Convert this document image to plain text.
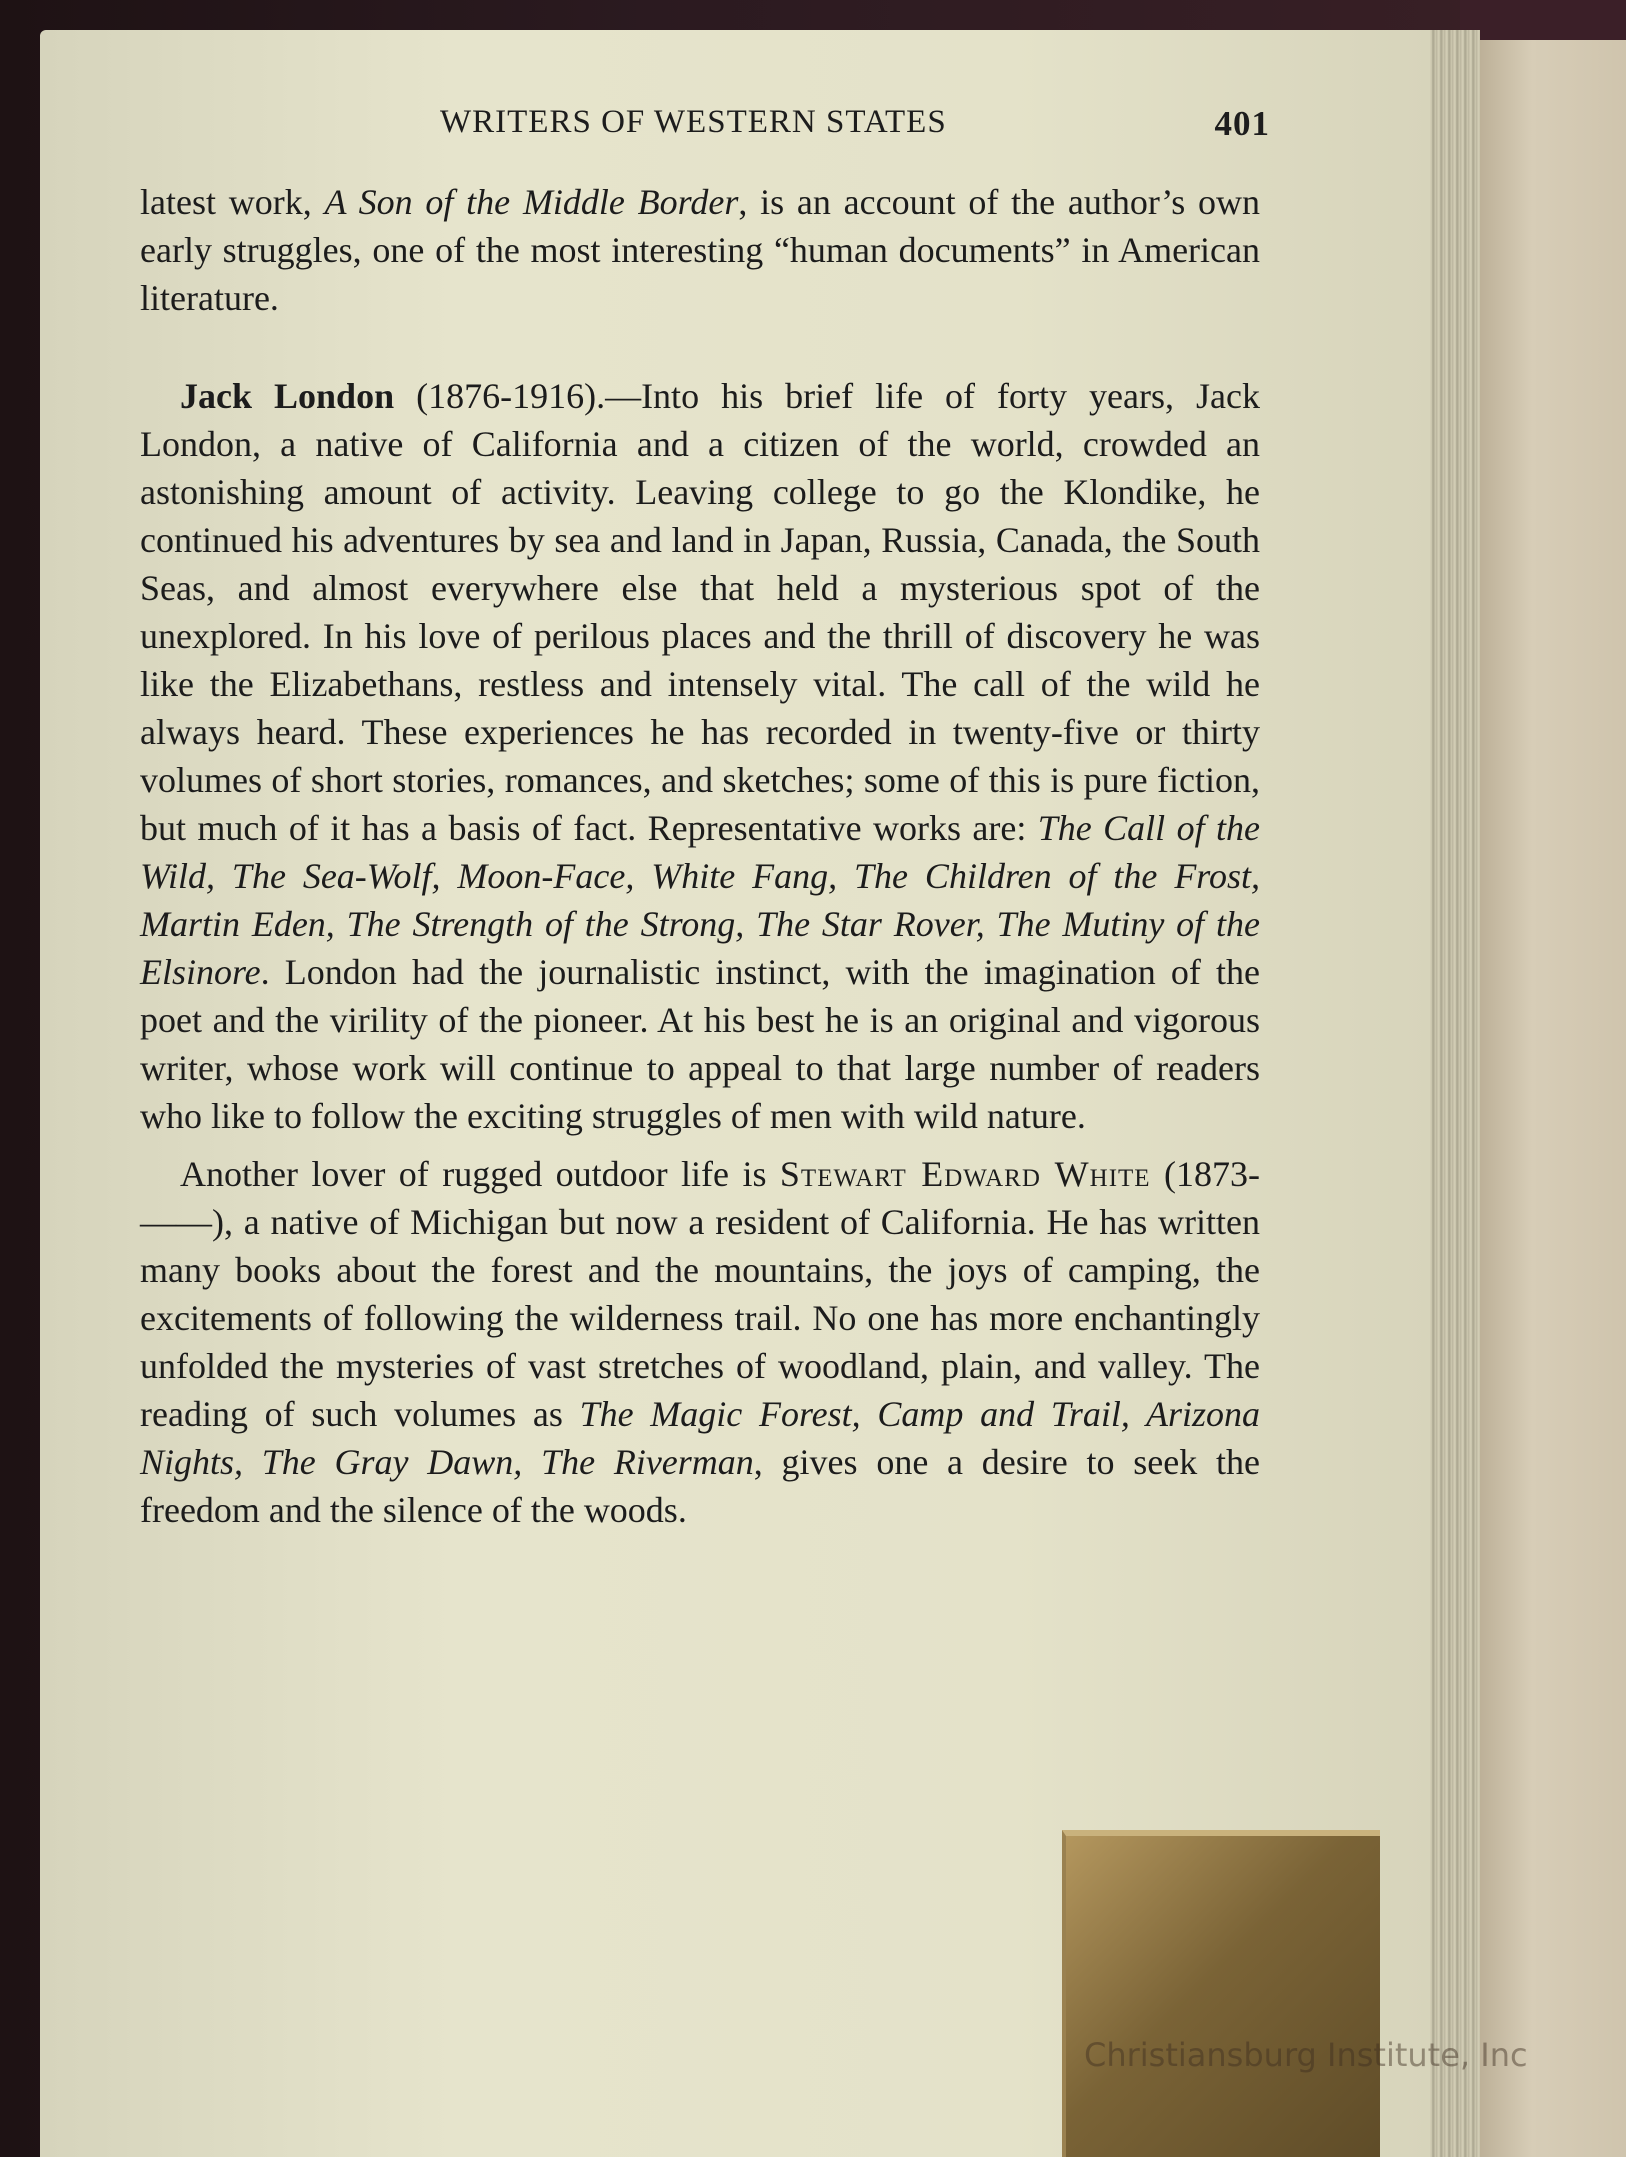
WRITERS OF WESTERN STATES	401

latest work, A Son of the Middle Border, is an account of the author’s own early struggles, one of the most interesting “human documents” in American literature.

Jack London (1876-1916).—Into his brief life of forty years, Jack London, a native of California and a citizen of the world, crowded an astonishing amount of activity. Leaving college to go the Klondike, he continued his adventures by sea and land in Japan, Russia, Canada, the South Seas, and almost everywhere else that held a mysterious spot of the unexplored. In his love of perilous places and the thrill of discovery he was like the Elizabethans, restless and intensely vital. The call of the wild he always heard. These experiences he has recorded in twenty-five or thirty volumes of short stories, romances, and sketches; some of this is pure fiction, but much of it has a basis of fact. Representative works are: The Call of the Wild, The Sea-Wolf, Moon-Face, White Fang, The Children of the Frost, Martin Eden, The Strength of the Strong, The Star Rover, The Mutiny of the Elsinore. London had the journalistic instinct, with the imagination of the poet and the virility of the pioneer. At his best he is an original and vigorous writer, whose work will continue to appeal to that large number of readers who like to follow the exciting struggles of men with wild nature.

Another lover of rugged outdoor life is Stewart Edward White (1873-——), a native of Michigan but now a resident of California. He has written many books about the forest and the mountains, the joys of camping, the excitements of following the wilderness trail. No one has more enchantingly unfolded the mysteries of vast stretches of woodland, plain, and valley. The reading of such volumes as The Magic Forest, Camp and Trail, Arizona Nights, The Gray Dawn, The Riverman, gives one a desire to seek the freedom and the silence of the woods.

Christiansburg Institute, Inc
